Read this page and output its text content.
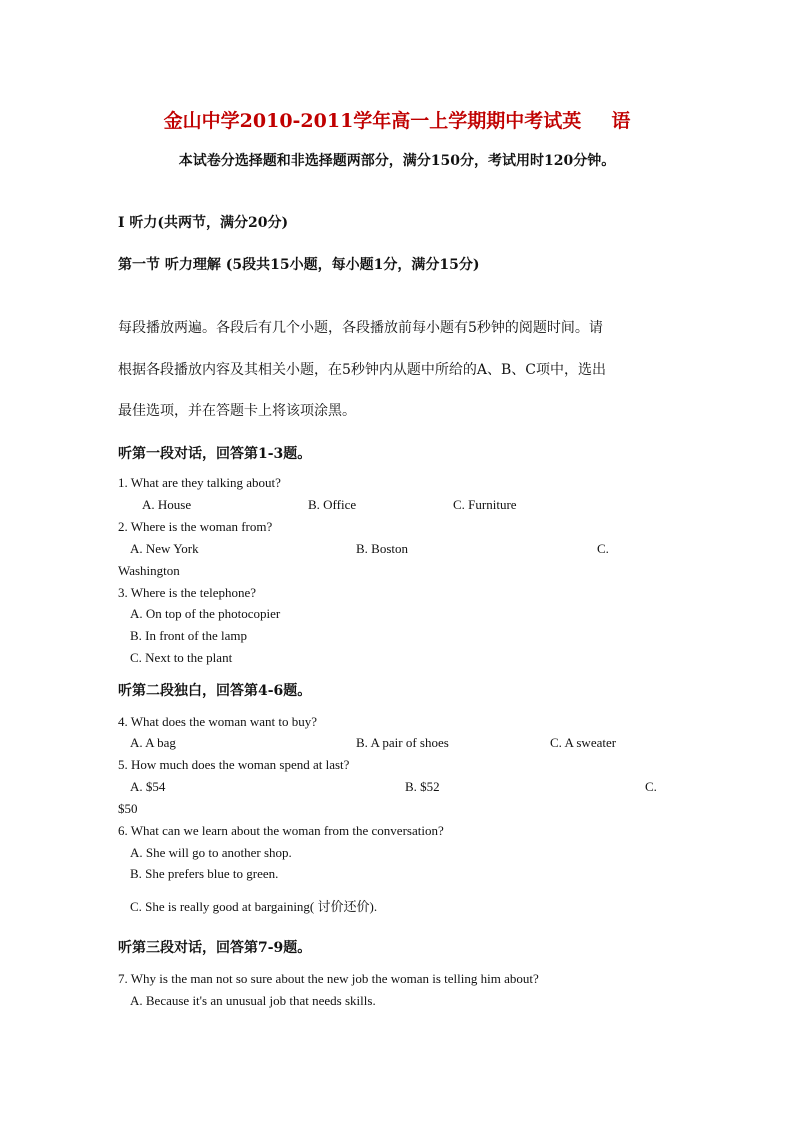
金山中学2010-2011学年高一上学期期中考试英 语
本试卷分选择题和非选择题两部分，满分150分，考试用时120分钟。
I 听力(共两节，满分20分)
第一节 听力理解 (5段共15小题，每小题1分，满分15分)
每段播放两遍。各段后有几个小题，各段播放前每小题有5秒钟的阅题时间。请
根据各段播放内容及其相关小题，在5秒钟内从题中所给的A、B、C项中，选出
最佳选项，并在答题卡上将该项涂黑。
听第一段对话，回答第1-3题。
1. What are they talking about?
A. House	B. Office	C. Furniture
2. Where is the woman from?
A. New York	B. Boston	C.
Washington
3. Where is the telephone?
A. On top of the photocopier
B. In front of the lamp
C. Next to the plant
听第二段独白，回答第4-6题。
4. What does the woman want to buy?
A. A bag	B. A pair of shoes	C. A sweater
5. How much does the woman spend at last?
A. $54	B. $52	C.
$50
6. What can we learn about the woman from the conversation?
A. She will go to another shop.
B. She prefers blue to green.
C. She is really good at bargaining( 讨价还价).
听第三段对话，回答第7-9题。
7. Why is the man not so sure about the new job the woman is telling him about?
A. Because it's an unusual job that needs skills.
